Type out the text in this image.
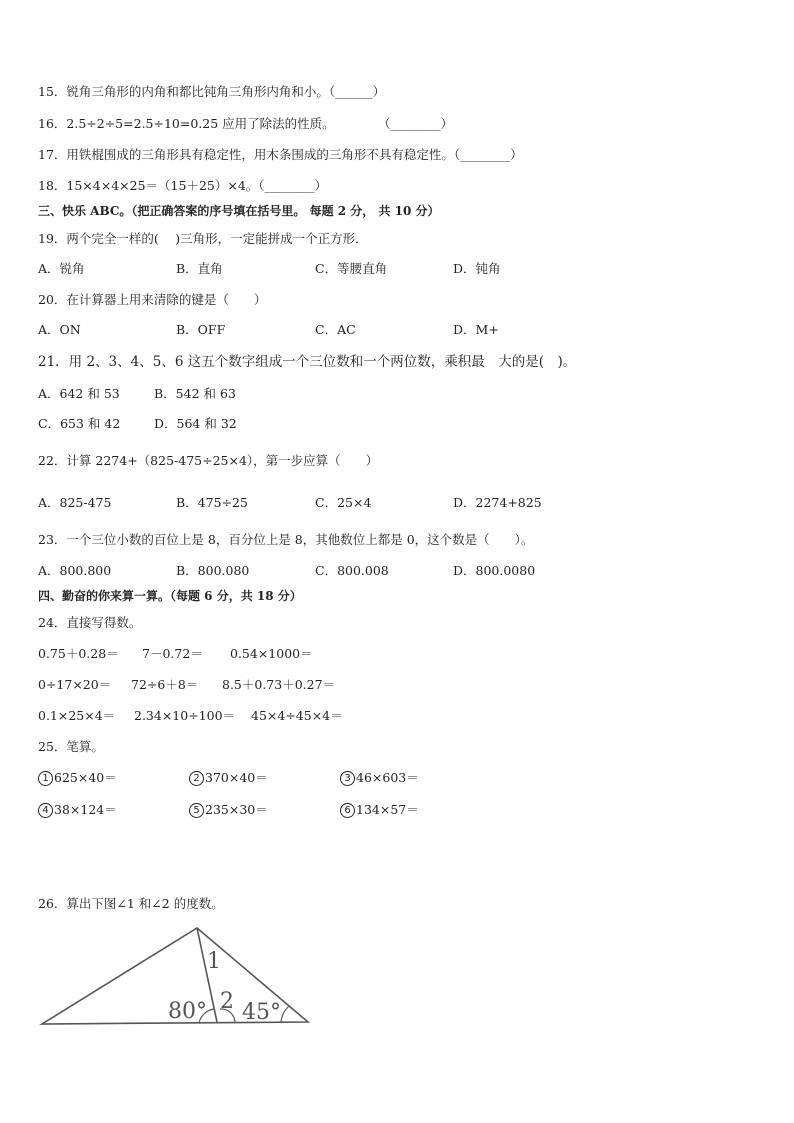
15．锐角三角形的内角和都比钝角三角形内角和小。（______）
16．2.5÷2÷5=2.5÷10=0.25 应用了除法的性质。	（________）
17．用铁棍围成的三角形具有稳定性，用木条围成的三角形不具有稳定性。（________）
18．15×4×4×25＝（15＋25）×4。（________）
三、快乐 ABC。（把正确答案的序号填在括号里。 每题 2 分， 共 10 分）
19．两个完全一样的(　 )三角形，一定能拼成一个正方形．
A．锐角	B．直角	C．等腰直角	D．钝角
20．在计算器上用来清除的键是（　　）
A．ON	B．OFF	C．AC	D．M+
21．用 2、3、4、5、6 这五个数字组成一个三位数和一个两位数，乘积最　大的是(　)。
A．642 和 53	B．542 和 63
C．653 和 42	D．564 和 32
22．计算 2274+（825-475÷25×4），第一步应算（　　）
A．825-475	B．475÷25	C．25×4	D．2274+825
23．一个三位小数的百位上是 8，百分位上是 8，其他数位上都是 0，这个数是（　　）。
A．800.800	B．800.080	C．800.008	D．800.0080
四、勤奋的你来算一算。（每题 6 分，共 18 分）
24．直接写得数。
0.75＋0.28＝ 7－0.72＝ 0.54×1000＝
0÷17×20＝ 72÷6＋8＝ 8.5＋0.73＋0.27＝
0.1×25×4＝ 2.34×10÷100＝ 45×4÷45×4＝
25．笔算。
1 625×40＝	2 370×40＝	3 46×603＝
4 38×124＝	5 235×30＝	6 134×57＝
26．算出下图∠1 和∠2 的度数。
1
80° 2 45°
